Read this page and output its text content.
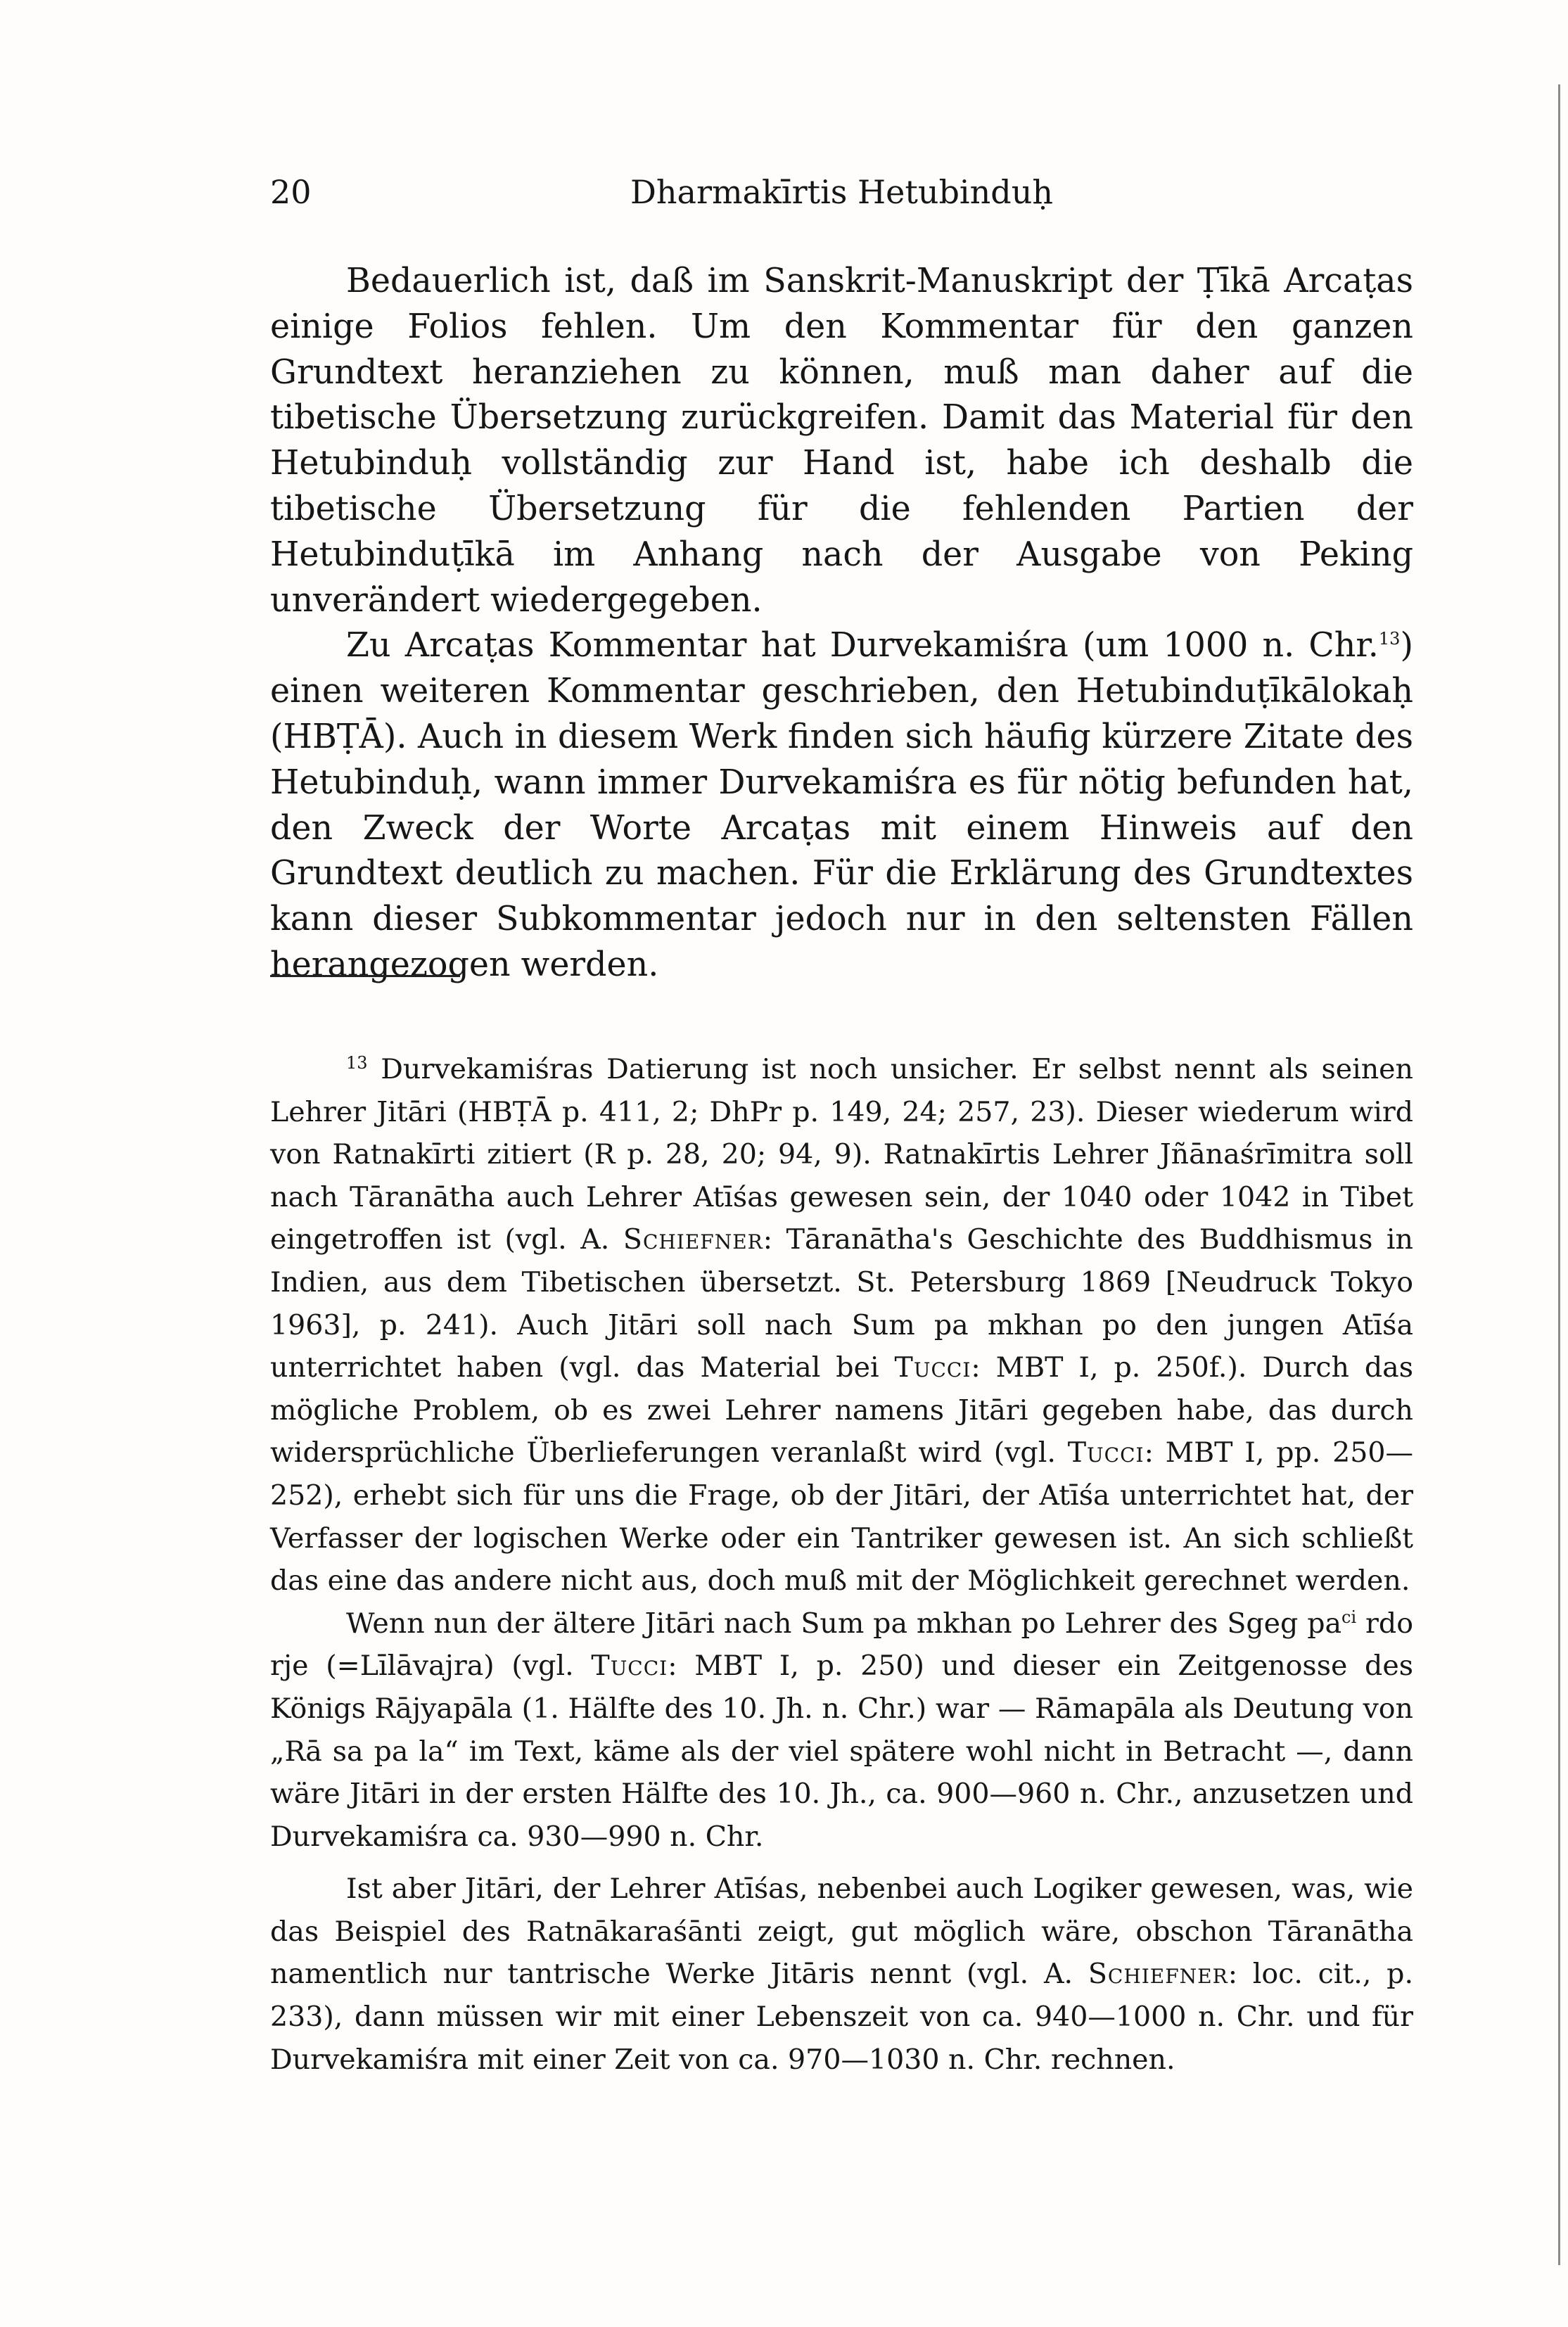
20	Dharmakīrtis Hetubinduḥ

Bedauerlich ist, daß im Sanskrit-Manuskript der Ṭīkā Arcaṭas einige Folios fehlen. Um den Kommentar für den ganzen Grundtext heranziehen zu können, muß man daher auf die tibetische Übersetzung zurückgreifen. Damit das Material für den Hetubinduḥ vollständig zur Hand ist, habe ich deshalb die tibetische Übersetzung für die fehlenden Partien der Hetubinduṭīkā im Anhang nach der Ausgabe von Peking unverändert wiedergegeben.

Zu Arcaṭas Kommentar hat Durvekamiśra (um 1000 n. Chr.$^{13}$) einen weiteren Kommentar geschrieben, den Hetubinduṭīkālokaḥ (HBṬĀ). Auch in diesem Werk finden sich häufig kürzere Zitate des Hetubinduḥ, wann immer Durvekamiśra es für nötig befunden hat, den Zweck der Worte Arcaṭas mit einem Hinweis auf den Grundtext deutlich zu machen. Für die Erklärung des Grundtextes kann dieser Subkommentar jedoch nur in den seltensten Fällen herangezogen werden.

$^{13}$ Durvekamiśras Datierung ist noch unsicher. Er selbst nennt als seinen Lehrer Jitāri (HBṬĀ p. 411, 2; DhPr p. 149, 24; 257, 23). Dieser wiederum wird von Ratnakīrti zitiert (R p. 28, 20; 94, 9). Ratnakīrtis Lehrer Jñānaśrīmitra soll nach Tāranātha auch Lehrer Atīśas gewesen sein, der 1040 oder 1042 in Tibet eingetroffen ist (vgl. A. Schiefner: Tāranātha's Geschichte des Buddhismus in Indien, aus dem Tibetischen übersetzt. St. Petersburg 1869 [Neudruck Tokyo 1963], p. 241). Auch Jitāri soll nach Sum pa mkhan po den jungen Atīśa unterrichtet haben (vgl. das Material bei Tucci: MBT I, p. 250f.). Durch das mögliche Problem, ob es zwei Lehrer namens Jitāri gegeben habe, das durch widersprüchliche Überlieferungen veranlaßt wird (vgl. Tucci: MBT I, pp. 250—252), erhebt sich für uns die Frage, ob der Jitāri, der Atīśa unterrichtet hat, der Verfasser der logischen Werke oder ein Tantriker gewesen ist. An sich schließt das eine das andere nicht aus, doch muß mit der Möglichkeit gerechnet werden.

Wenn nun der ältere Jitāri nach Sum pa mkhan po Lehrer des Sgeg $pa^{ci}$ rdo rje (=Līlāvajra) (vgl. Tucci: MBT I, p. 250) und dieser ein Zeitgenosse des Königs Rājyapāla (1. Hälfte des 10. Jh. n. Chr.) war — Rāmapāla als Deutung von „Rā sa pa la“ im Text, käme als der viel spätere wohl nicht in Betracht —, dann wäre Jitāri in der ersten Hälfte des 10. Jh., ca. 900—960 n. Chr., anzusetzen und Durvekamiśra ca. 930—990 n. Chr.

Ist aber Jitāri, der Lehrer Atīśas, nebenbei auch Logiker gewesen, was, wie das Beispiel des Ratnākaraśānti zeigt, gut möglich wäre, obschon Tāranātha namentlich nur tantrische Werke Jitāris nennt (vgl. A. Schiefner: loc. cit., p. 233), dann müssen wir mit einer Lebenszeit von ca. 940—1000 n. Chr. und für Durvekamiśra mit einer Zeit von ca. 970—1030 n. Chr. rechnen.
